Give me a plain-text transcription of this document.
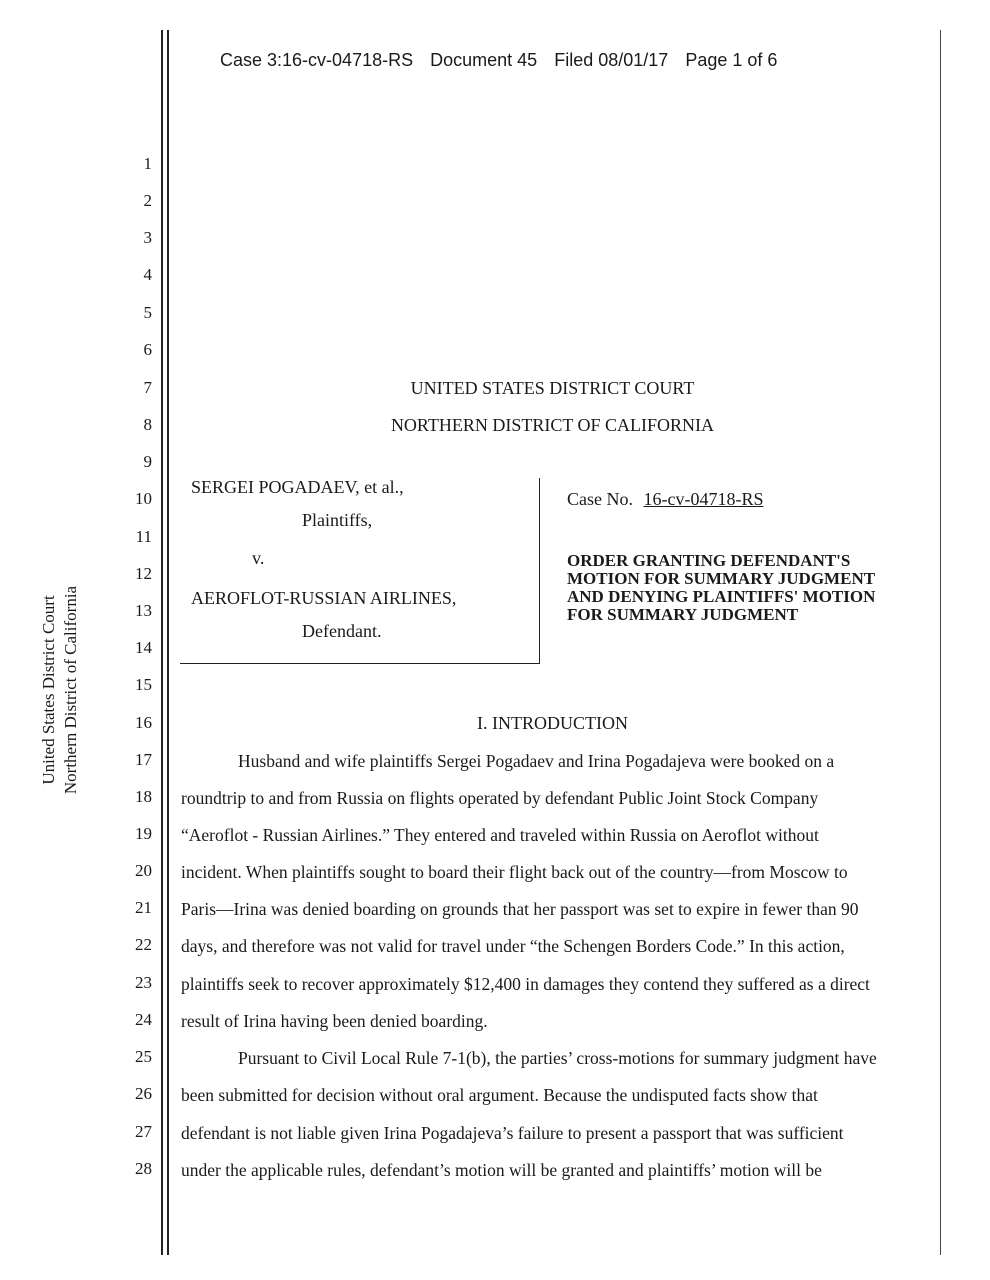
Case 3:16-cv-04718-RS Document 45 Filed 08/01/17 Page 1 of 6
United States District Court Northern District of California
1
2
3
4
5
6
7
8
9
10
11
12
13
14
15
16
17
18
19
20
21
22
23
24
25
26
27
28
UNITED STATES DISTRICT COURT
NORTHERN DISTRICT OF CALIFORNIA
SERGEI POGADAEV, et al.,
Plaintiffs,
v.
AEROFLOT-RUSSIAN AIRLINES,
Defendant.
Case No. 16-cv-04718-RS
ORDER GRANTING DEFENDANT'S
MOTION FOR SUMMARY JUDGMENT
AND DENYING PLAINTIFFS' MOTION
FOR SUMMARY JUDGMENT
I. INTRODUCTION
Husband and wife plaintiffs Sergei Pogadaev and Irina Pogadajeva were booked on a
roundtrip to and from Russia on flights operated by defendant Public Joint Stock Company
“Aeroflot - Russian Airlines.” They entered and traveled within Russia on Aeroflot without
incident. When plaintiffs sought to board their flight back out of the country—from Moscow to
Paris—Irina was denied boarding on grounds that her passport was set to expire in fewer than 90
days, and therefore was not valid for travel under “the Schengen Borders Code.” In this action,
plaintiffs seek to recover approximately $12,400 in damages they contend they suffered as a direct
result of Irina having been denied boarding.
Pursuant to Civil Local Rule 7-1(b), the parties’ cross-motions for summary judgment have
been submitted for decision without oral argument. Because the undisputed facts show that
defendant is not liable given Irina Pogadajeva’s failure to present a passport that was sufficient
under the applicable rules, defendant’s motion will be granted and plaintiffs’ motion will be
